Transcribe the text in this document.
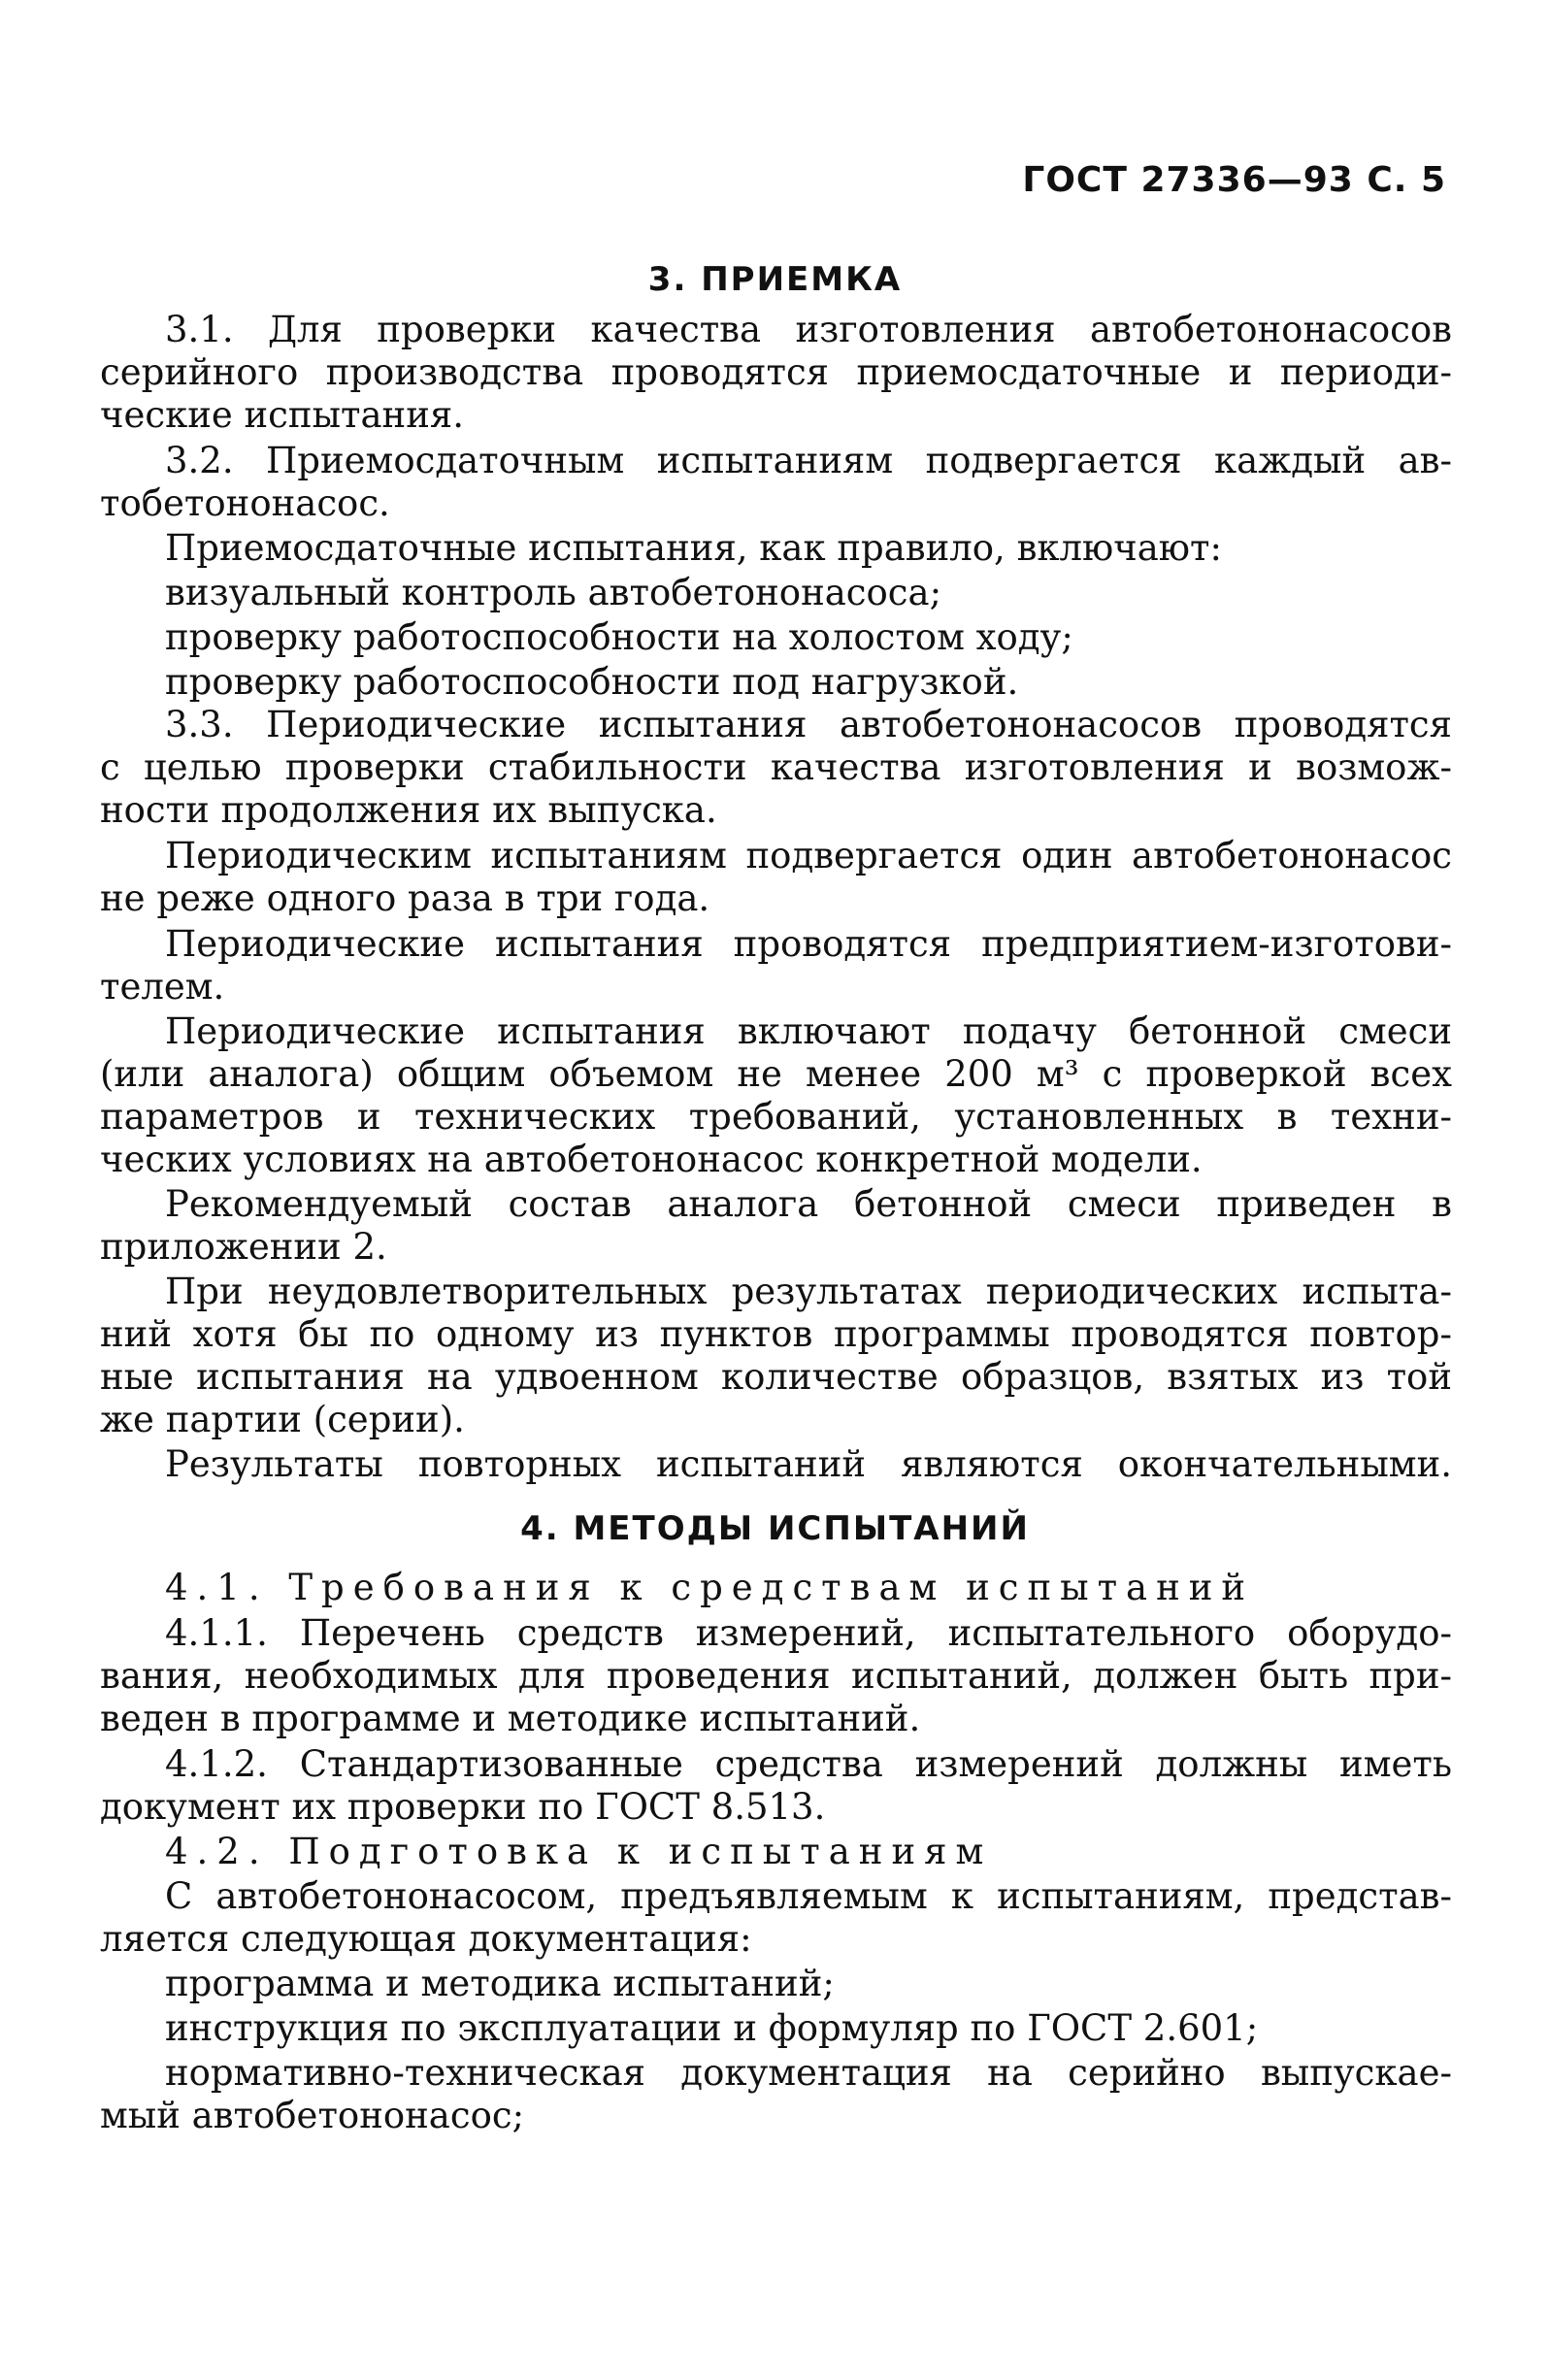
ГОСТ 27336—93 С. 5
3. ПРИЕМКА
3.1. Для проверки качества изготовления автобетононасосов
серийного производства проводятся приемосдаточные и периоди-
ческие испытания.
3.2. Приемосдаточным испытаниям подвергается каждый ав-
тобетононасос.
Приемосдаточные испытания, как правило, включают:
визуальный контроль автобетононасоса;
проверку работоспособности на холостом ходу;
проверку работоспособности под нагрузкой.
3.3. Периодические испытания автобетононасосов проводятся
с целью проверки стабильности качества изготовления и возмож-
ности продолжения их выпуска.
Периодическим испытаниям подвергается один автобетононасос
не реже одного раза в три года.
Периодические испытания проводятся предприятием-изготови-
телем.
Периодические испытания включают подачу бетонной смеси
(или аналога) общим объемом не менее 200 м³ с проверкой всех
параметров и технических требований, установленных в техни-
ческих условиях на автобетононасос конкретной модели.
Рекомендуемый состав аналога бетонной смеси приведен в
приложении 2.
При неудовлетворительных результатах периодических испыта-
ний хотя бы по одному из пунктов программы проводятся повтор-
ные испытания на удвоенном количестве образцов, взятых из той
же партии (серии).
Результаты повторных испытаний являются окончательными.
4. МЕТОДЫ ИСПЫТАНИЙ
4.1. Требования к средствам испытаний
4.1.1. Перечень средств измерений, испытательного оборудо-
вания, необходимых для проведения испытаний, должен быть при-
веден в программе и методике испытаний.
4.1.2. Стандартизованные средства измерений должны иметь
документ их проверки по ГОСТ 8.513.
4.2. Подготовка к испытаниям
С автобетононасосом, предъявляемым к испытаниям, представ-
ляется следующая документация:
программа и методика испытаний;
инструкция по эксплуатации и формуляр по ГОСТ 2.601;
нормативно-техническая документация на серийно выпускае-
мый автобетононасос;
